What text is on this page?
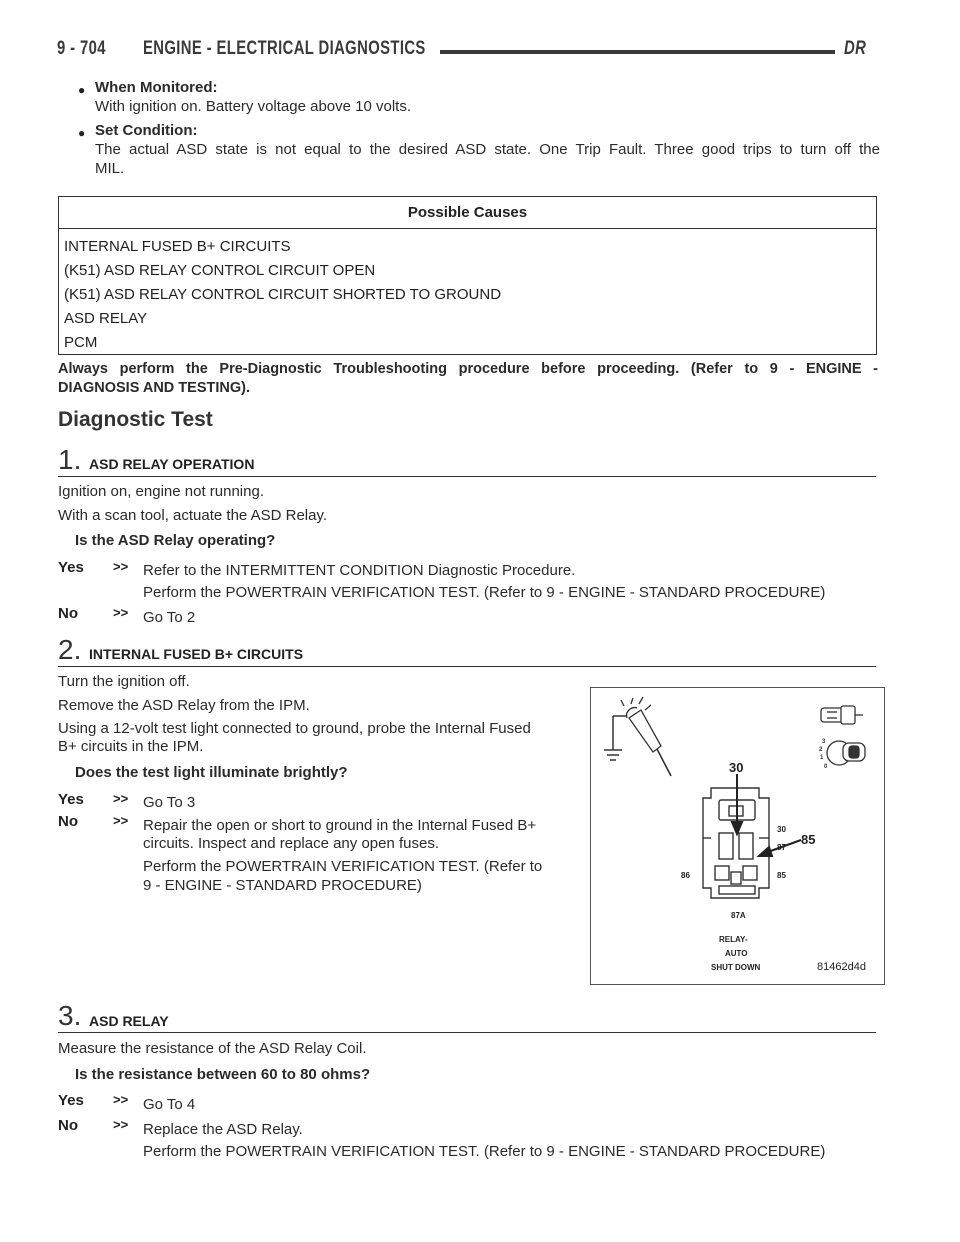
9 - 704 ENGINE - ELECTRICAL DIAGNOSTICS	DR
● When Monitored:
With ignition on. Battery voltage above 10 volts.
● Set Condition:
The actual ASD state is not equal to the desired ASD state. One Trip Fault. Three good trips to turn off the
MIL.
Possible Causes
INTERNAL FUSED B+ CIRCUITS
(K51) ASD RELAY CONTROL CIRCUIT OPEN
(K51) ASD RELAY CONTROL CIRCUIT SHORTED TO GROUND
ASD RELAY
PCM
Always perform the Pre-Diagnostic Troubleshooting procedure before proceeding. (Refer to 9 - ENGINE -
DIAGNOSIS AND TESTING).
Diagnostic Test
1. ASD RELAY OPERATION
Ignition on, engine not running.
With a scan tool, actuate the ASD Relay.
Is the ASD Relay operating?
Yes >> Refer to the INTERMITTENT CONDITION Diagnostic Procedure.
Perform the POWERTRAIN VERIFICATION TEST. (Refer to 9 - ENGINE - STANDARD PROCEDURE)
No	>> Go To 2
2. INTERNAL FUSED B+ CIRCUITS
Turn the ignition off.
Remove the ASD Relay from the IPM.
Using a 12-volt test light connected to ground, probe the Internal Fused
B+ circuits in the IPM.
Does the test light illuminate brightly?
Yes >> Go To 3
No	>> Repair the open or short to ground in the Internal Fused B+
circuits. Inspect and replace any open fuses.
Perform the POWERTRAIN VERIFICATION TEST. (Refer to
9 - ENGINE - STANDARD PROCEDURE)
3
2
1
0
30
30
87
85
86	85
87A
RELAY-
AUTO
SHUT DOWN	81462d4d
3. ASD RELAY
Measure the resistance of the ASD Relay Coil.
Is the resistance between 60 to 80 ohms?
Yes >> Go To 4
No	>> Replace the ASD Relay.
Perform the POWERTRAIN VERIFICATION TEST. (Refer to 9 - ENGINE - STANDARD PROCEDURE)
